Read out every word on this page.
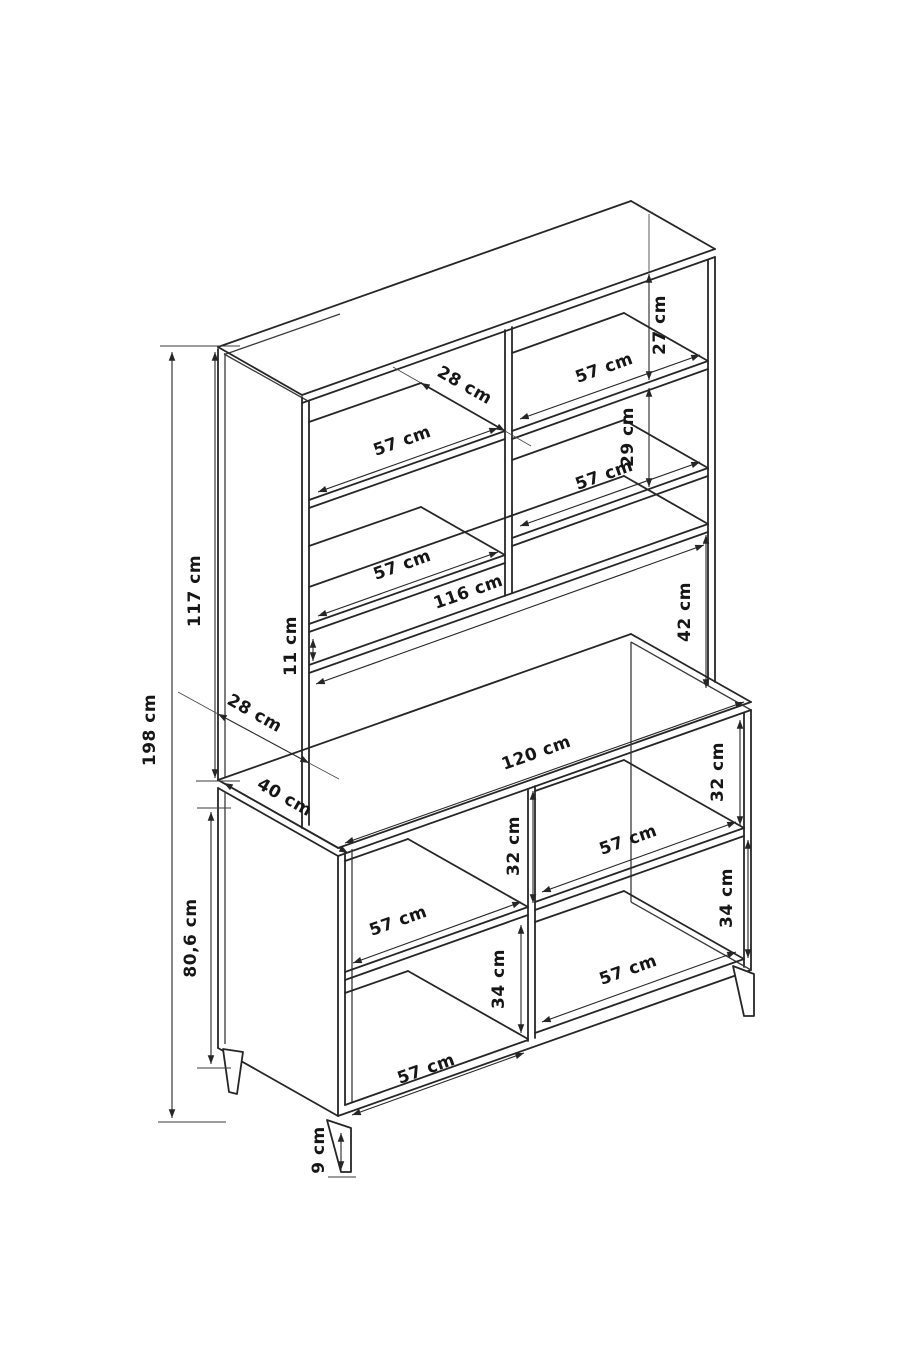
57 cm
57 cm
57 cm
57 cm
116 cm
120 cm
57 cm
57 cm
57 cm
57 cm
28 cm
28 cm
40 cm
27 cm
29 cm
42 cm
11 cm
117 cm
198 cm
80,6 cm
9 cm
32 cm
34 cm
32 cm
34 cm
